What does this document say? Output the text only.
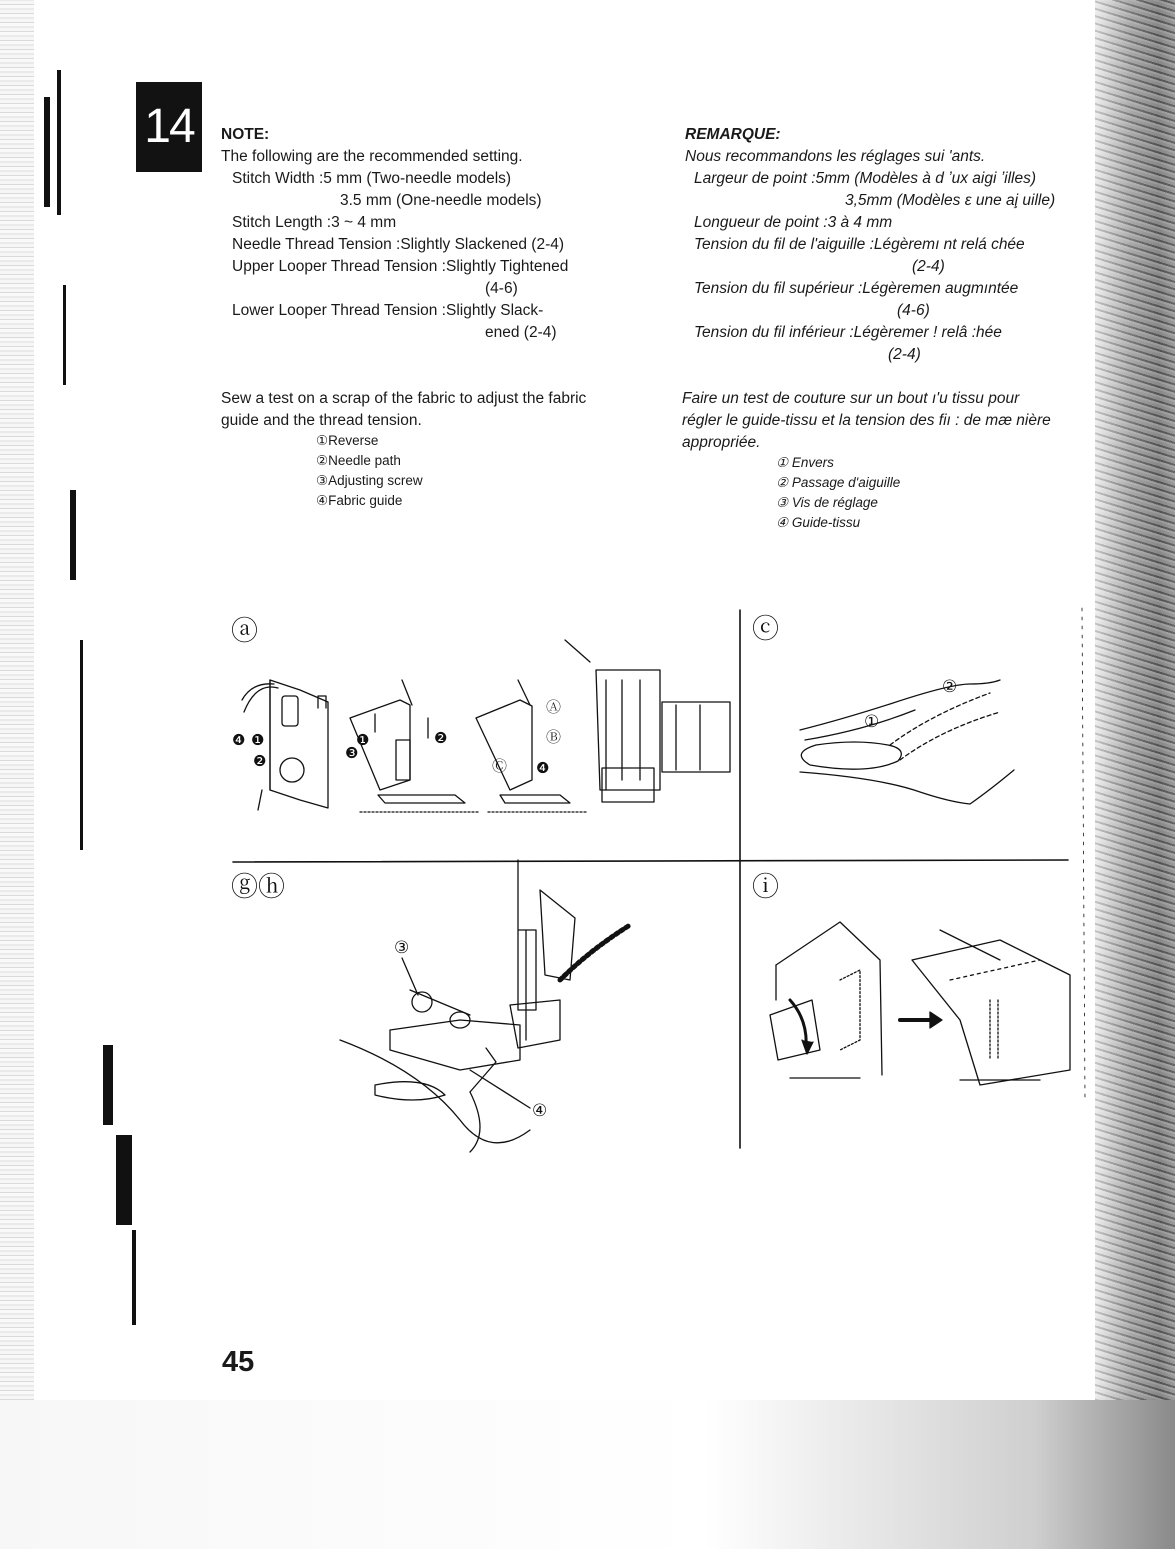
14	NOTE:
The following are the recommended setting.
Stitch Width :5 mm (Two-needle models)
3.5 mm (One-needle models)
Stitch Length :3 ~ 4 mm
Needle Thread Tension :Slightly Slackened (2-4)
Upper Looper Thread Tension :Slightly Tightened
(4-6)
Lower Looper Thread Tension :Slightly Slack-
ened (2-4)
Sew a test on a scrap of the fabric to adjust the fabric
guide and the thread tension.
①Reverse
②Needle path
③Adjusting screw
④Fabric guide
REMARQUE:
Nous recommandons les réglages sui 'ants.
Largeur de point :5mm (Modèles à d ʼux aigi ʼilles)
3,5mm (Modèles ε une ai̧ uille)
Longueur de point :3 à 4 mm
Tension du fil de l'aiguille :Légèremı nt relá chée
(2-4)
Tension du fil supérieur :Légèremen augmıntée
(4-6)
Tension du fil inférieur :Légèremer ! relâ :hée
(2-4)
Faire un test de couture sur un bout ı'u tissu pour
régler le guide-tissu et la tension des fiı : de mæ nière
appropriée.
① Envers
② Passage d'aiguille
③ Vis de réglage
④ Guide-tissu
ⓐ	ⓒ
ⓖⓗ	ⓘ
❹ ❶
❷
❶
❸
❷
Ⓐ
Ⓑ
Ⓒ ❹
①
②
③
④
45
